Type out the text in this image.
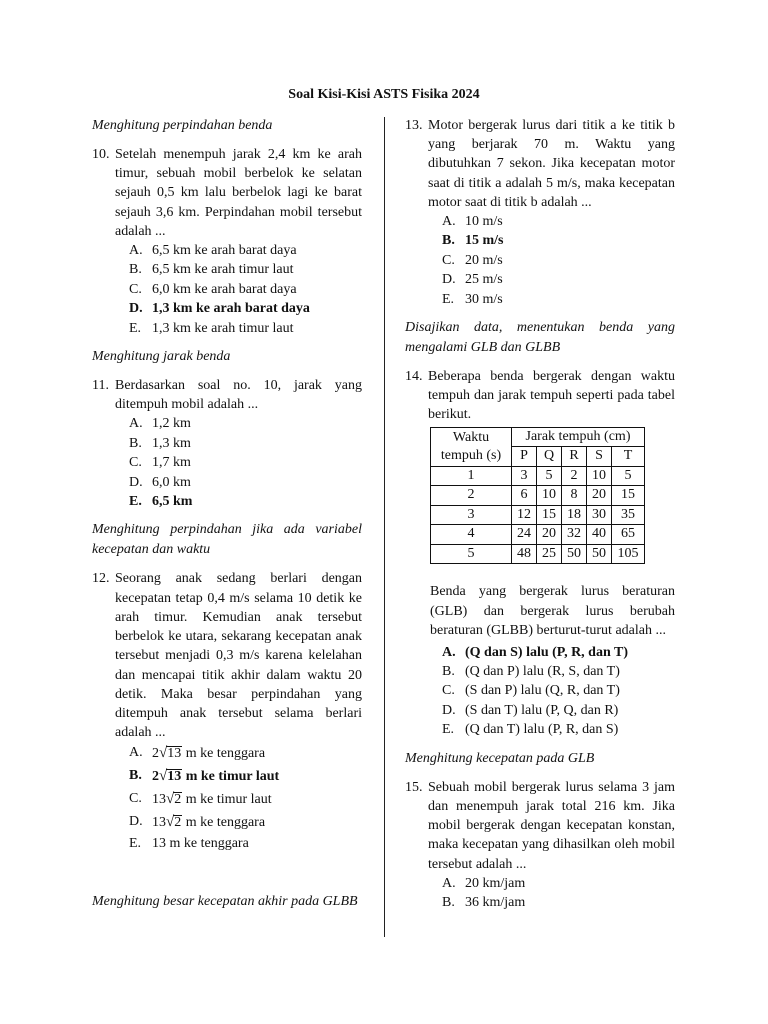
Soal Kisi-Kisi ASTS Fisika 2024
Menghitung perpindahan benda
10. Setelah menempuh jarak 2,4 km ke arah timur, sebuah mobil berbelok ke selatan sejauh 0,5 km lalu berbelok lagi ke barat sejauh 3,6 km. Perpindahan mobil tersebut adalah ...
A. 6,5 km ke arah barat daya
B. 6,5 km ke arah timur laut
C. 6,0 km ke arah barat daya
D. 1,3 km ke arah barat daya
E. 1,3 km ke arah timur laut
Menghitung jarak benda
11. Berdasarkan soal no. 10, jarak yang ditempuh mobil adalah ...
A. 1,2 km
B. 1,3 km
C. 1,7 km
D. 6,0 km
E. 6,5 km
Menghitung perpindahan jika ada variabel kecepatan dan waktu
12. Seorang anak sedang berlari dengan kecepatan tetap 0,4 m/s selama 10 detik ke arah timur. Kemudian anak tersebut berbelok ke utara, sekarang kecepatan anak tersebut menjadi 0,3 m/s karena kelelahan dan mencapai titik akhir dalam waktu 20 detik. Maka besar perpindahan yang ditempuh anak tersebut selama berlari adalah ...
A. 2√13 m ke tenggara
B. 2√13 m ke timur laut
C. 13√2 m ke timur laut
D. 13√2 m ke tenggara
E. 13 m ke tenggara
Menghitung besar kecepatan akhir pada GLBB
13. Motor bergerak lurus dari titik a ke titik b yang berjarak 70 m. Waktu yang dibutuhkan 7 sekon. Jika kecepatan motor saat di titik a adalah 5 m/s, maka kecepatan motor saat di titik b adalah ...
A. 10 m/s
B. 15 m/s
C. 20 m/s
D. 25 m/s
E. 30 m/s
Disajikan data, menentukan benda yang mengalami GLB dan GLBB
14. Beberapa benda bergerak dengan waktu tempuh dan jarak tempuh seperti pada tabel berikut.
Waktu tempuh (s)	Jarak tempuh (cm)				
	P	Q	R	S	T
1	3	5	2	10	5
2	6	10	8	20	15
3	12	15	18	30	35
4	24	20	32	40	65
5	48	25	50	50	105
Benda yang bergerak lurus beraturan (GLB) dan bergerak lurus berubah beraturan (GLBB) berturut-turut adalah ...
A. (Q dan S) lalu (P, R, dan T)
B. (Q dan P) lalu (R, S, dan T)
C. (S dan P) lalu (Q, R, dan T)
D. (S dan T) lalu (P, Q, dan R)
E. (Q dan T) lalu (P, R, dan S)
Menghitung kecepatan pada GLB
15. Sebuah mobil bergerak lurus selama 3 jam dan menempuh jarak total 216 km. Jika mobil bergerak dengan kecepatan konstan, maka kecepatan yang dihasilkan oleh mobil tersebut adalah ...
A. 20 km/jam
B. 36 km/jam
